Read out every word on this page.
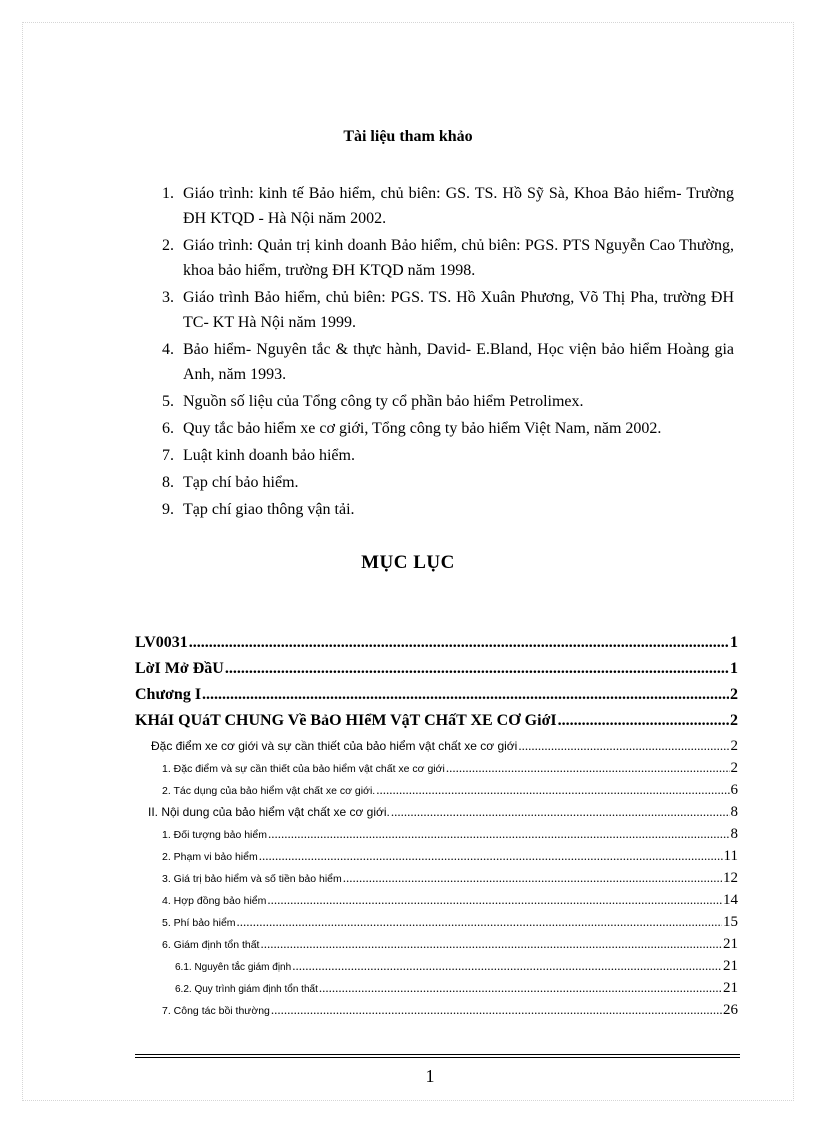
Tài liệu tham khảo
1. Giáo trình: kinh tế Bảo hiểm, chủ biên: GS. TS. Hồ Sỹ Sà, Khoa Bảo hiểm- Trường ĐH KTQD - Hà Nội năm 2002.
2. Giáo trình: Quản trị kinh doanh Bảo hiểm, chủ biên: PGS. PTS Nguyễn Cao Thường, khoa bảo hiểm, trường ĐH KTQD năm 1998.
3. Giáo trình Bảo hiểm, chủ biên: PGS. TS. Hồ Xuân Phương, Võ Thị Pha, trường ĐH TC- KT Hà Nội năm 1999.
4. Bảo hiểm- Nguyên tắc & thực hành, David- E.Bland, Học viện bảo hiểm Hoàng gia Anh, năm 1993.
5. Nguồn số liệu của Tổng công ty cổ phần bảo hiểm Petrolimex.
6. Quy tắc bảo hiểm xe cơ giới, Tổng công ty bảo hiểm Việt Nam, năm 2002.
7. Luật kinh doanh bảo hiểm.
8. Tạp chí bảo hiểm.
9. Tạp chí giao thông vận tải.
MỤC LỤC
LV0031 .....	1
LờI Mở ĐầU .....	1
Chương I .....	2
KHáI QUáT CHUNG Về BảO HIểM VậT CHấT XE CƠ GiớI .....	2
Đặc điểm xe cơ giới và sự cần thiết của bảo hiểm vật chất xe cơ giới .....	2
1. Đặc điểm và sự cần thiết của bảo hiểm vật chất xe cơ giới .....	2
2. Tác dụng của bảo hiểm vật chất xe cơ giới. .....	6
II. Nội dung của bảo hiểm vật chất xe cơ giới. .....	8
1. Đối tượng bảo hiểm .....	8
2. Phạm vi bảo hiểm .....	11
3. Giá trị bảo hiểm và số tiền bảo hiểm .....	12
4. Hợp đồng bảo hiểm .....	14
5. Phí bảo hiểm .....	15
6. Giám định tổn thất .....	21
6.1. Nguyên tắc giám định .....	21
6.2. Quy trình giám định tổn thất .....	21
7. Công tác bồi thường .....	26
1
